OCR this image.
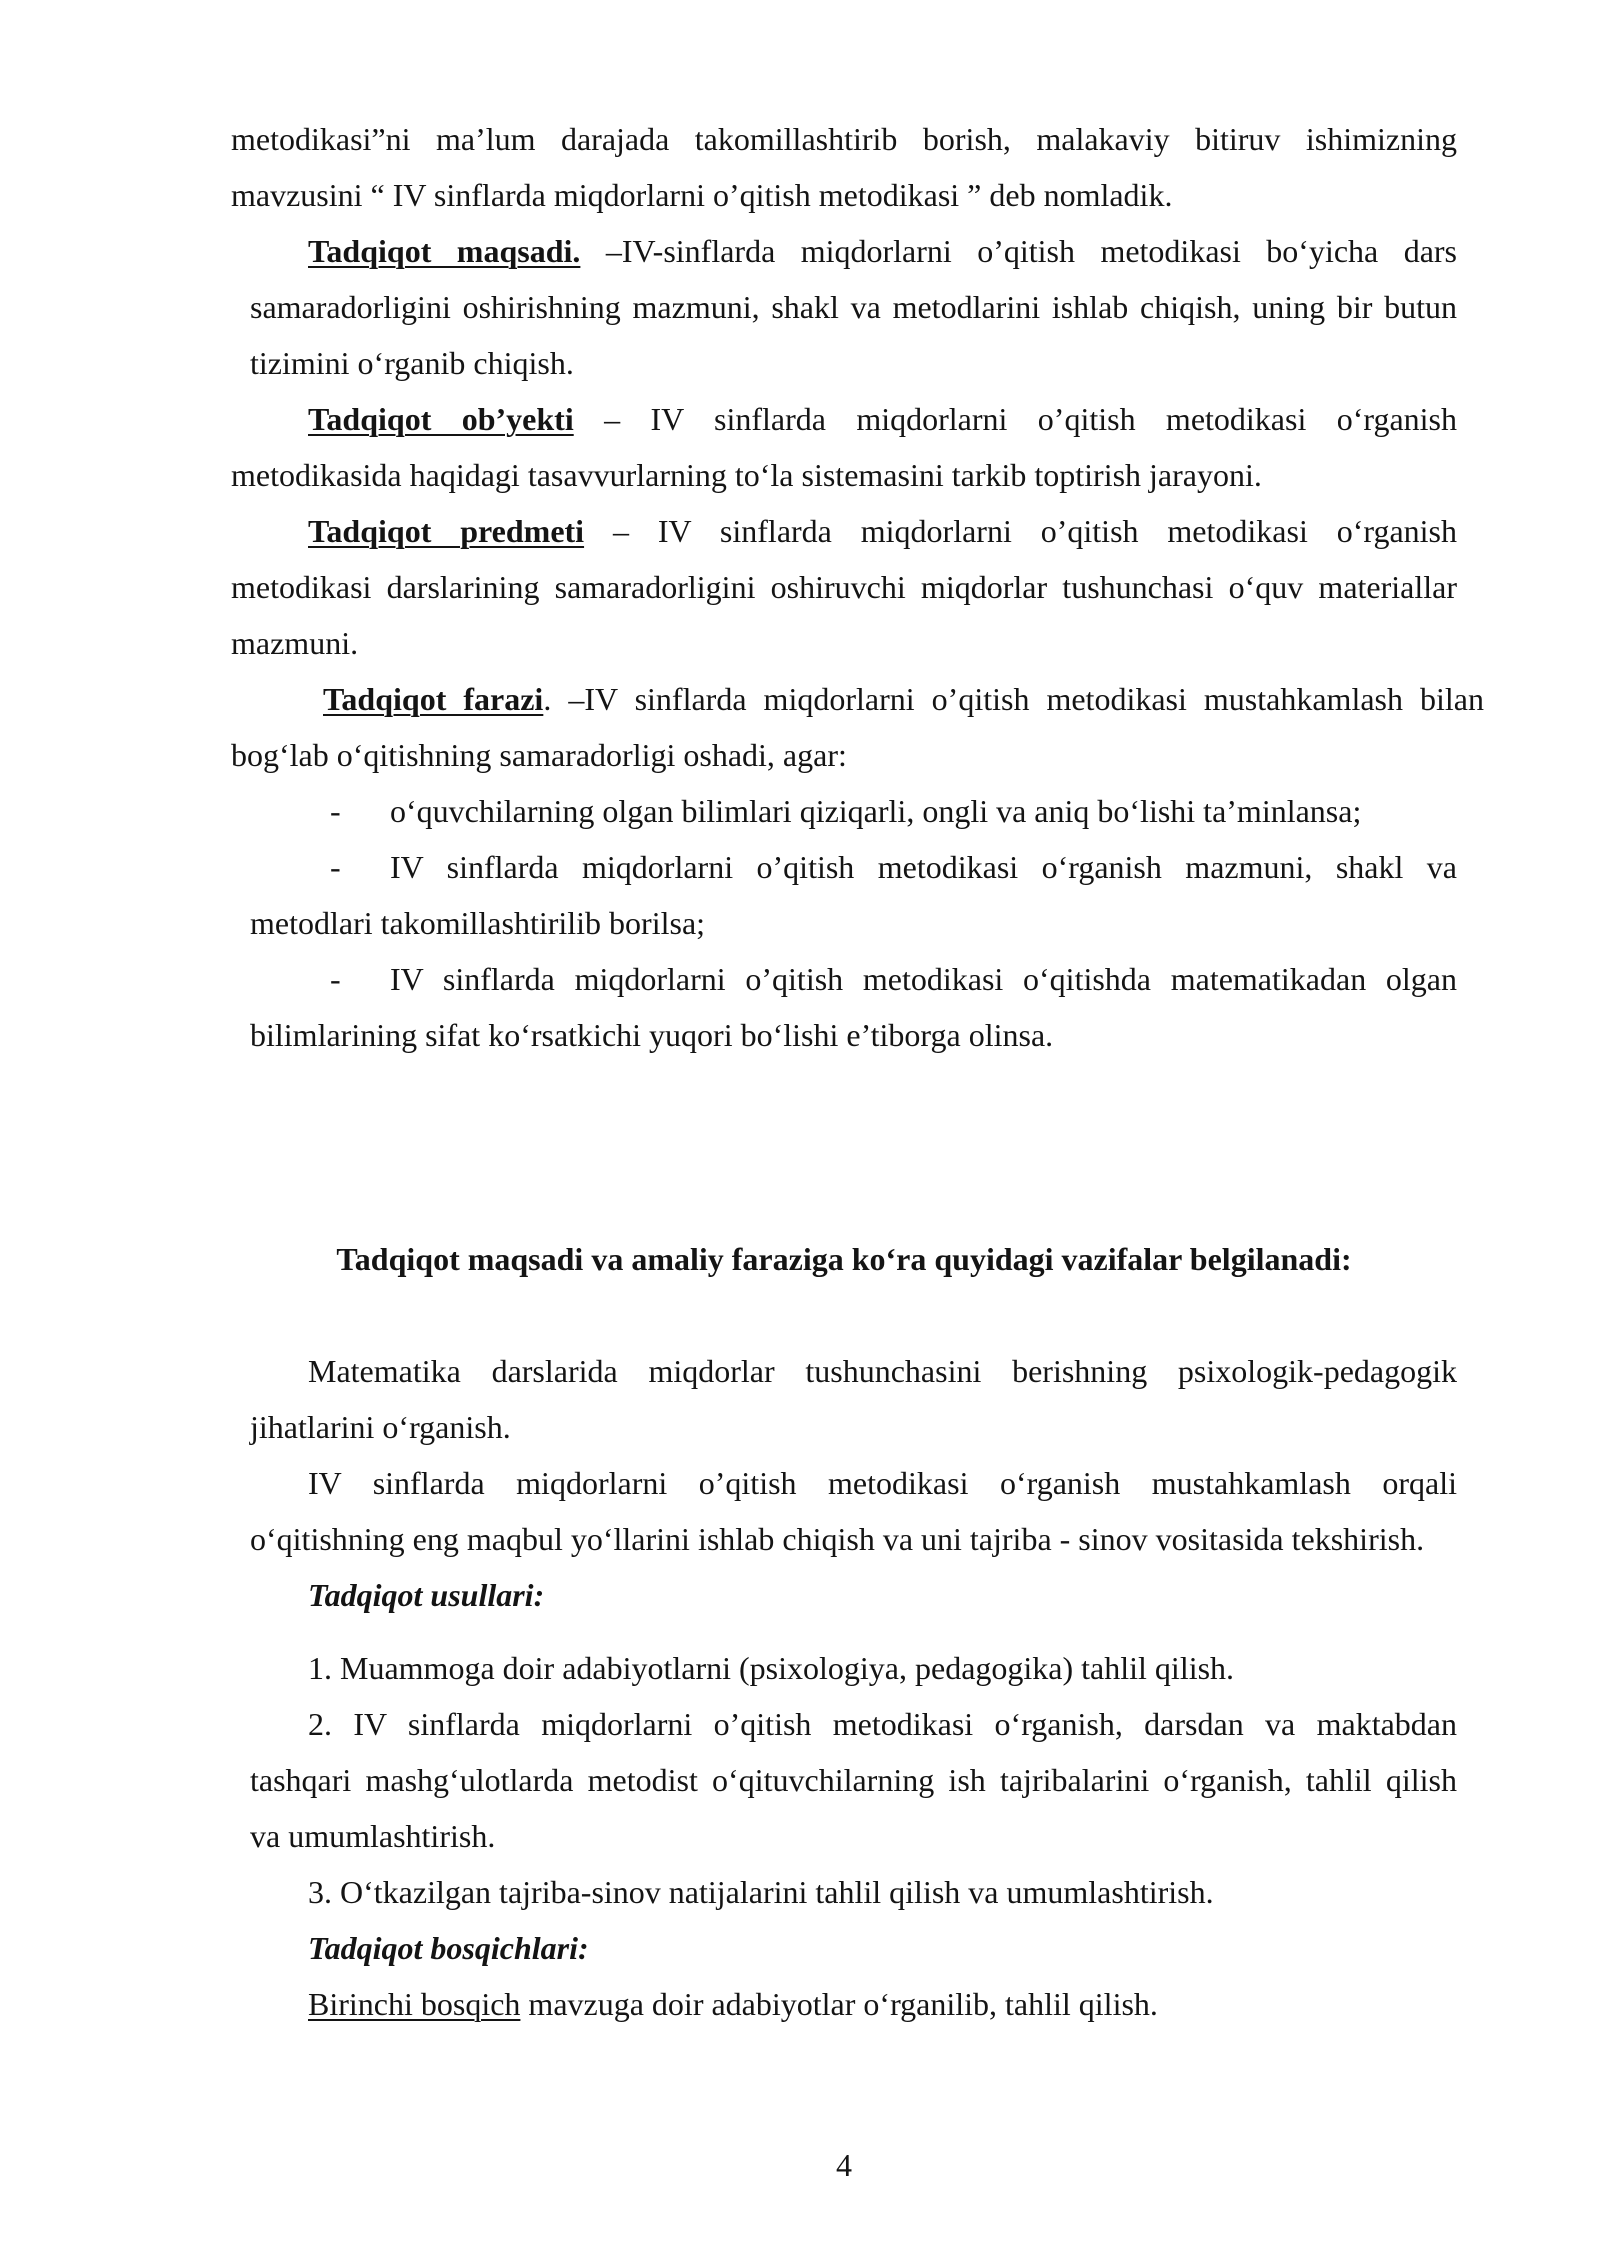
metodikasi”ni ma’lum darajada takomillashtirib borish, malakaviy bitiruv ishimizning
mavzusini “ IV sinflarda miqdorlarni o’qitish metodikasi ” deb nomladik.
Tadqiqot maqsadi. –IV-sinflarda miqdorlarni o’qitish metodikasi bo‘yicha dars
samaradorligini oshirishning mazmuni, shakl va metodlarini ishlab chiqish, uning bir butun
tizimini o‘rganib chiqish.
Tadqiqot ob’yekti – IV sinflarda miqdorlarni o’qitish metodikasi o‘rganish
metodikasida haqidagi tasavvurlarning to‘la sistemasini tarkib toptirish jarayoni.
Tadqiqot predmeti – IV sinflarda miqdorlarni o’qitish metodikasi o‘rganish
metodikasi darslarining samaradorligini oshiruvchi miqdorlar tushunchasi o‘quv materiallar
mazmuni.
Tadqiqot farazi. –IV sinflarda miqdorlarni o’qitish metodikasi mustahkamlash bilan
bog‘lab o‘qitishning samaradorligi oshadi, agar:
-	o‘quvchilarning olgan bilimlari qiziqarli, ongli va aniq bo‘lishi ta’minlansa;
-	IV sinflarda miqdorlarni o’qitish metodikasi o‘rganish mazmuni, shakl va
metodlari takomillashtirilib borilsa;
-	IV sinflarda miqdorlarni o’qitish metodikasi o‘qitishda matematikadan olgan
bilimlarining sifat ko‘rsatkichi yuqori bo‘lishi e’tiborga olinsa.
Tadqiqot maqsadi va amaliy faraziga ko‘ra quyidagi vazifalar belgilanadi:
Matematika darslarida miqdorlar tushunchasini berishning psixologik-pedagogik
jihatlarini o‘rganish.
IV sinflarda miqdorlarni o’qitish metodikasi o‘rganish mustahkamlash orqali
o‘qitishning eng maqbul yo‘llarini ishlab chiqish va uni tajriba - sinov vositasida tekshirish.
Tadqiqot usullari:
1. Muammoga doir adabiyotlarni (psixologiya, pedagogika) tahlil qilish.
2. IV sinflarda miqdorlarni o’qitish metodikasi o‘rganish, darsdan va maktabdan
tashqari mashg‘ulotlarda metodist o‘qituvchilarning ish tajribalarini o‘rganish, tahlil qilish
va umumlashtirish.
3. O‘tkazilgan tajriba-sinov natijalarini tahlil qilish va umumlashtirish.
Tadqiqot bosqichlari:
Birinchi bosqich mavzuga doir adabiyotlar o‘rganilib, tahlil qilish.
4
